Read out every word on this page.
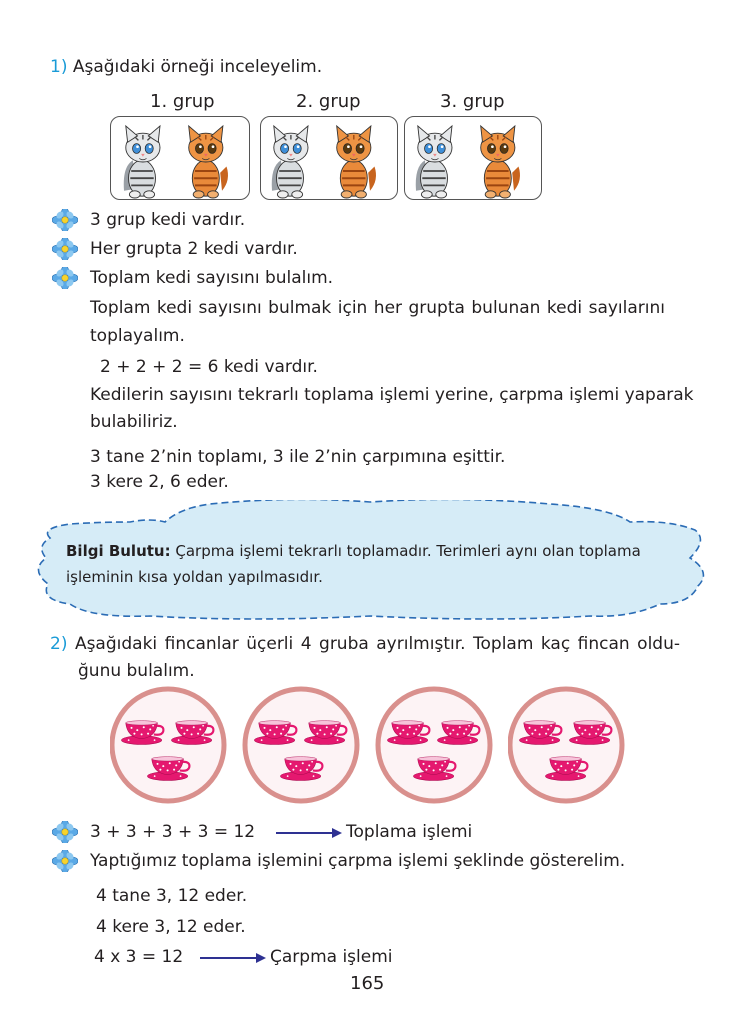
1) Aşağıdaki örneği inceleyelim.
1. grup	2. grup	3. grup
3 grup kedi vardır.
Her grupta 2 kedi vardır.
Toplam kedi sayısını bulalım.
Toplam kedi sayısını bulmak için her grupta bulunan kedi sayılarını
toplayalım.
2 + 2 + 2 = 6 kedi vardır.
Kedilerin sayısını tekrarlı toplama işlemi yerine, çarpma işlemi yaparak
bulabiliriz.
3 tane 2’nin toplamı, 3 ile 2’nin çarpımına eşittir.
3 kere 2, 6 eder.
Bilgi Bulutu: Çarpma işlemi tekrarlı toplamadır. Terimleri aynı olan toplama
işleminin kısa yoldan yapılmasıdır.
2) Aşağıdaki fincanlar üçerli 4 gruba ayrılmıştır. Toplam kaç fincan oldu-
ğunu bulalım.
3 + 3 + 3 + 3 = 12	Toplama işlemi
Yaptığımız toplama işlemini çarpma işlemi şeklinde gösterelim.
4 tane 3, 12 eder.
4 kere 3, 12 eder.
4 x 3 = 12	Çarpma işlemi
165
